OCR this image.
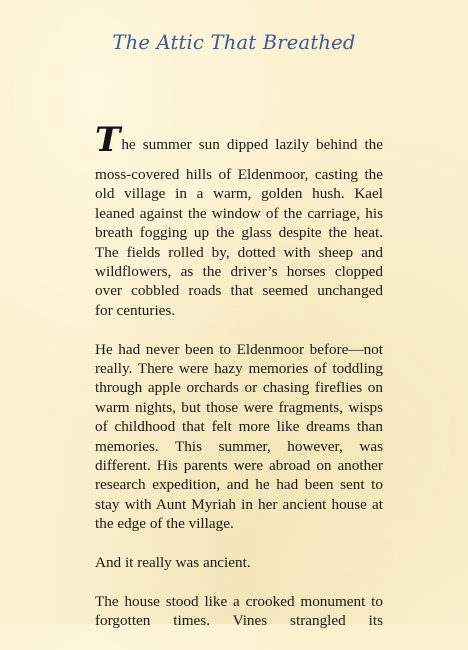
The Attic That Breathed
The summer sun dipped lazily behind the
moss-covered hills of Eldenmoor, casting the
old village in a warm, golden hush. Kael
leaned against the window of the carriage, his
breath fogging up the glass despite the heat.
The fields rolled by, dotted with sheep and
wildflowers, as the driver’s horses clopped
over cobbled roads that seemed unchanged
for centuries.
He had never been to Eldenmoor before—not
really. There were hazy memories of toddling
through apple orchards or chasing fireflies on
warm nights, but those were fragments, wisps
of childhood that felt more like dreams than
memories. This summer, however, was
different. His parents were abroad on another
research expedition, and he had been sent to
stay with Aunt Myriah in her ancient house at
the edge of the village.
And it really was ancient.
The house stood like a crooked monument to
forgotten times. Vines strangled its
